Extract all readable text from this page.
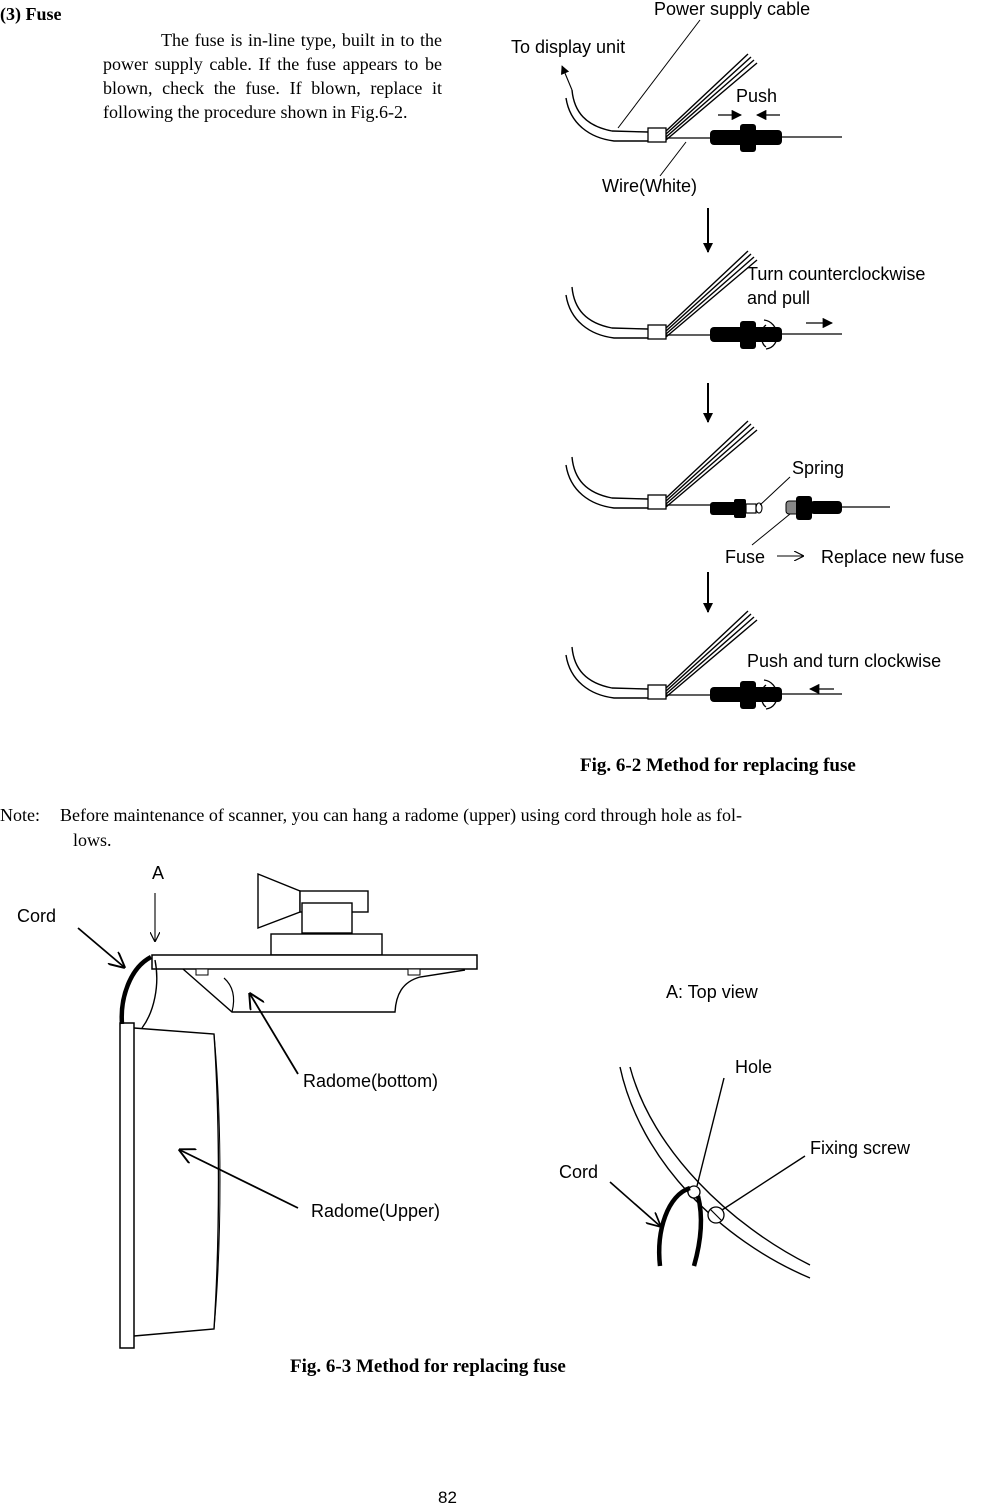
(3) Fuse

The fuse is in-line type, built in to the power supply cable. If the fuse appears to be blown, check the fuse. If blown, replace it following the procedure shown in Fig.6-2.

Power supply cable
To display unit
Push
Wire(White)
Turn counterclockwise
and pull
Spring
Fuse	Replace new fuse
Push and turn clockwise
A
Cord
Radome(bottom)
Radome(Upper)
A: Top view
Hole
Fixing screw
Cord
Fig. 6-2 Method for replacing fuse
Note: Before maintenance of scanner, you can hang a radome (upper) using cord through hole as fol-
lows.
Fig. 6-3 Method for replacing fuse
82
